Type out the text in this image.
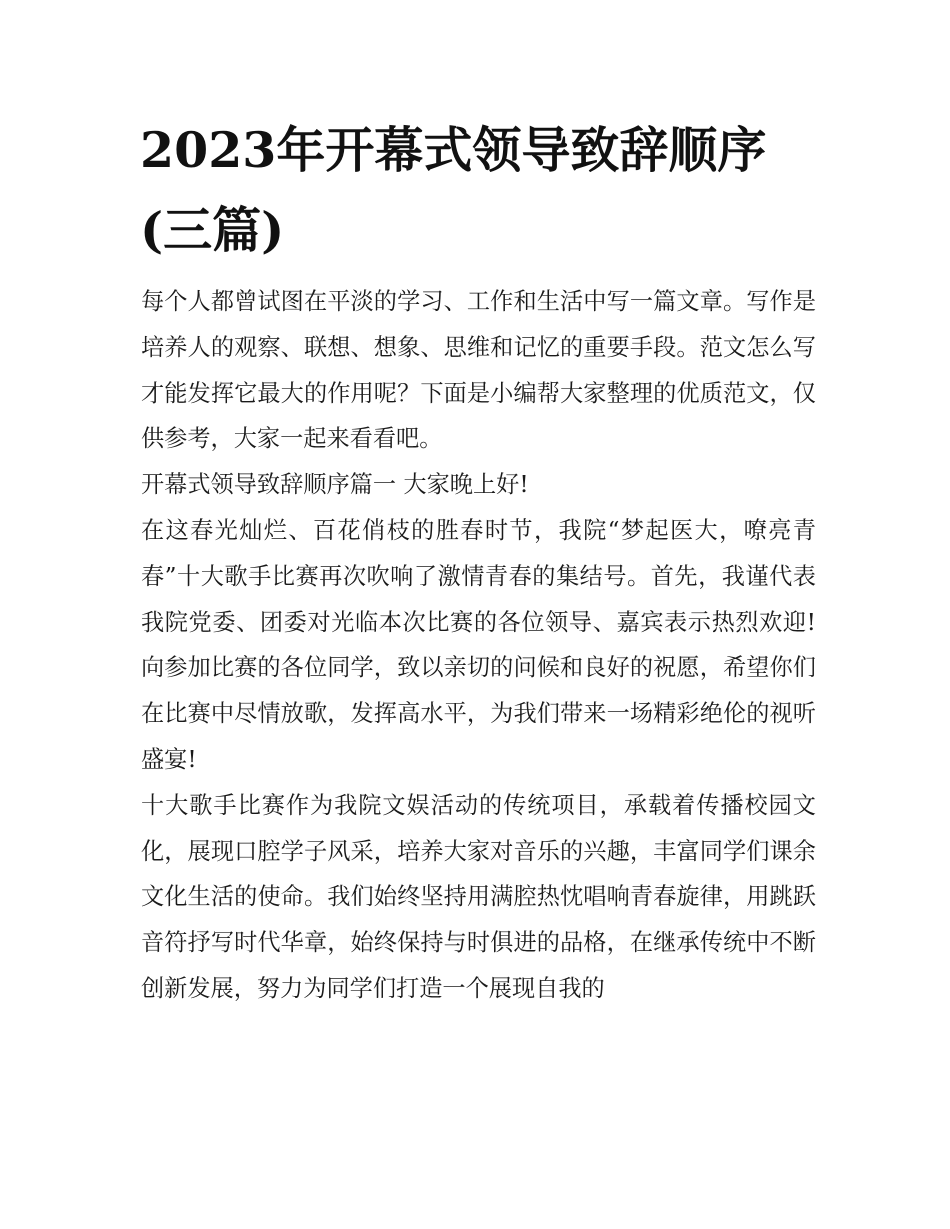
2023年开幕式领导致辞顺序(三篇)

每个人都曾试图在平淡的学习、工作和生活中写一篇文章。写作是培养人的观察、联想、想象、思维和记忆的重要手段。范文怎么写才能发挥它最大的作用呢？下面是小编帮大家整理的优质范文，仅供参考，大家一起来看看吧。

开幕式领导致辞顺序篇一 大家晚上好!

在这春光灿烂、百花俏枝的胜春时节，我院“梦起医大，嘹亮青春”十大歌手比赛再次吹响了激情青春的集结号。首先，我谨代表我院党委、团委对光临本次比赛的各位领导、嘉宾表示热烈欢迎!向参加比赛的各位同学，致以亲切的问候和良好的祝愿，希望你们在比赛中尽情放歌，发挥高水平，为我们带来一场精彩绝伦的视听盛宴!

十大歌手比赛作为我院文娱活动的传统项目，承载着传播校园文化，展现口腔学子风采，培养大家对音乐的兴趣，丰富同学们课余文化生活的使命。我们始终坚持用满腔热忱唱响青春旋律，用跳跃音符抒写时代华章，始终保持与时俱进的品格，在继承传统中不断创新发展，努力为同学们打造一个展现自我的
